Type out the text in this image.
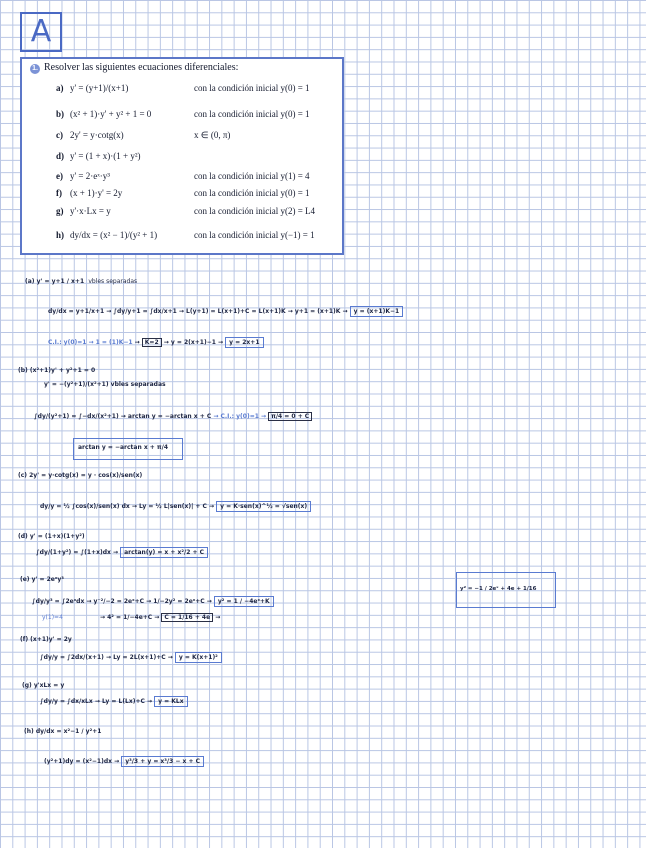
A
1. Resolver las siguientes ecuaciones diferenciales:
a) y' = (y+1)/(x+1)	con la condición inicial y(0) = 1
b) (x² + 1)·y' + y² + 1 = 0	con la condición inicial y(0) = 1
c) 2y' = y·cotg(x)	x ∈ (0, π)
d) y' = (1 + x)·(1 + y²)
e) y' = 2·eˣ·y³	con la condición inicial y(1) = 4
f) (x + 1)·y' = 2y	con la condición inicial y(0) = 1
g) y'·x·Lx = y	con la condición inicial y(2) = L4
h) dy/dx = (x² − 1)/(y² + 1)	con la condición inicial y(−1) = 1
(a) y' = y+1 / x+1 vbles separadas
dy/dx = y+1/x+1 → ∫dy/y+1 = ∫dx/x+1 → L(y+1) = L(x+1)+C = L(x+1)K → y+1 = (x+1)K → y = (x+1)K−1
C.I.: y(0)=1 → 1 = (1)K−1 → K=2 → y = 2(x+1)−1 → y = 2x+1
(b) (x²+1)y' + y²+1 = 0
y' = −(y²+1)/(x²+1) vbles separadas
∫dy/(y²+1) = ∫−dx/(x²+1) → arctan y = −arctan x + C → C.I.: y(0)=1 → π/4 = 0 + C
arctan y = −arctan x + π/4
(c) 2y' = y·cotg(x) = y · cos(x)/sen(x)
dy/y = ½ ∫cos(x)/sen(x) dx → Ly = ½ L|sen(x)| + C → y = K·sen(x)^½ = √sen(x)
(d) y' = (1+x)(1+y²)
∫dy/(1+y²) = ∫(1+x)dx → arctan(y) = x + x²/2 + C
(e) y' = 2eˣy³
∫dy/y³ = ∫2eˣdx → y⁻²/−2 = 2eˣ+C → 1/−2y² = 2eˣ+C → y² = 1 / −4eˣ+K
y(1)=4	→ 4² = 1/−4e+C → C = 1/16 + 4e →
y² = −1 / 2eˣ + 4e + 1/16
(f) (x+1)y' = 2y
∫dy/y = ∫2dx/(x+1) → Ly = 2L(x+1)+C → y = K(x+1)²
(g) y'xLx = y
∫dy/y = ∫dx/xLx → Ly = L(Lx)+C → y = KLx
(h) dy/dx = x²−1 / y²+1
(y²+1)dy = (x²−1)dx → y³/3 + y = x³/3 − x + C
